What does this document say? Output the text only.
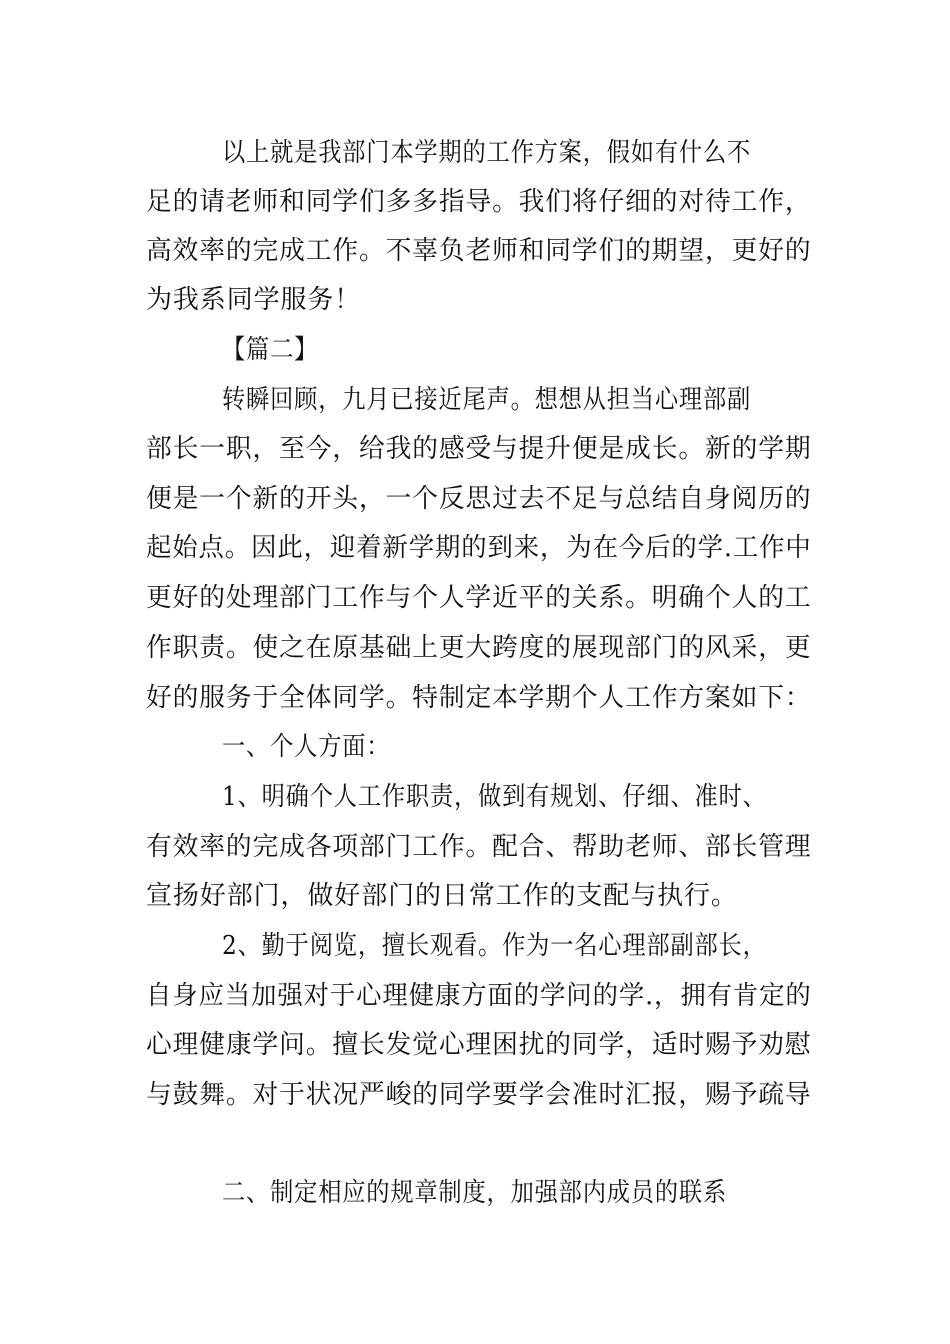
以上就是我部门本学期的工作方案，假如有什么不
足的请老师和同学们多多指导。我们将仔细的对待工作，
高效率的完成工作。不辜负老师和同学们的期望，更好的
为我系同学服务！
【篇二】
转瞬回顾，九月已接近尾声。想想从担当心理部副
部长一职，至今，给我的感受与提升便是成长。新的学期
便是一个新的开头，一个反思过去不足与总结自身阅历的
起始点。因此，迎着新学期的到来，为在今后的学.工作中
更好的处理部门工作与个人学近平的关系。明确个人的工
作职责。使之在原基础上更大跨度的展现部门的风采，更
好的服务于全体同学。特制定本学期个人工作方案如下：
一、个人方面：
1、明确个人工作职责，做到有规划、仔细、准时、
有效率的完成各项部门工作。配合、帮助老师、部长管理
宣扬好部门，做好部门的日常工作的支配与执行。
2、勤于阅览，擅长观看。作为一名心理部副部长，
自身应当加强对于心理健康方面的学问的学.，拥有肯定的
心理健康学问。擅长发觉心理困扰的同学，适时赐予劝慰
与鼓舞。对于状况严峻的同学要学会准时汇报，赐予疏导
二、制定相应的规章制度，加强部内成员的联系
